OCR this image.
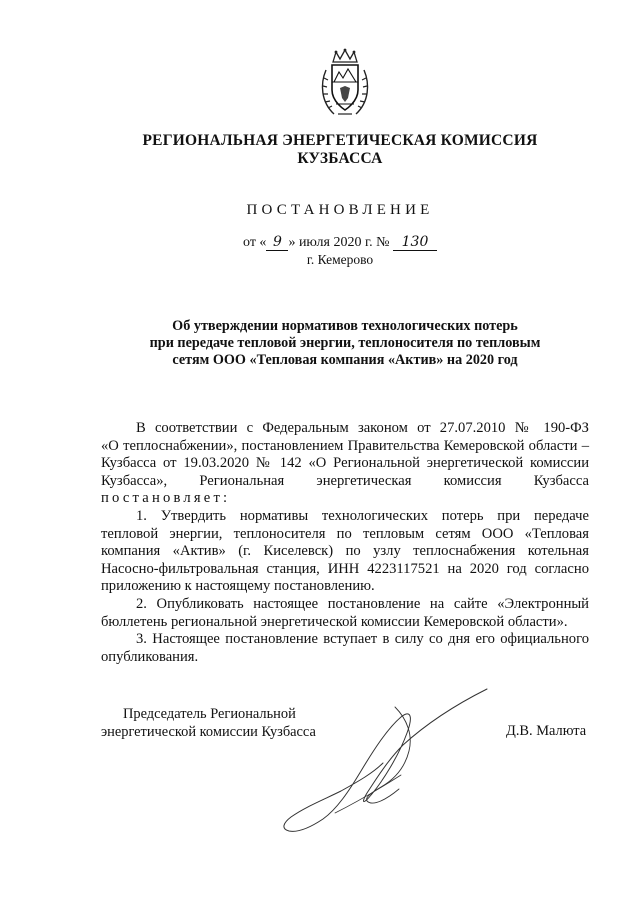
РЕГИОНАЛЬНАЯ ЭНЕРГЕТИЧЕСКАЯ КОМИССИЯ
КУЗБАССА
ПОСТАНОВЛЕНИЕ
от « 9 » июля 2020 г. № 130
г. Кемерово
Об утверждении нормативов технологических потерь
при передаче тепловой энергии, теплоносителя по тепловым
сетям ООО «Тепловая компания «Актив» на 2020 год
В соответствии с Федеральным законом от 27.07.2010 № 190-ФЗ
«О теплоснабжении», постановлением Правительства Кемеровской области –
Кузбасса от 19.03.2020 № 142 «О Региональной энергетической комиссии
Кузбасса», Региональная энергетическая комиссия Кузбасса
постановляет:
1. Утвердить нормативы технологических потерь при передаче
тепловой энергии, теплоносителя по тепловым сетям ООО «Тепловая
компания «Актив» (г. Киселевск) по узлу теплоснабжения котельная
Насосно-фильтровальная станция, ИНН 4223117521 на 2020 год согласно
приложению к настоящему постановлению.
2. Опубликовать настоящее постановление на сайте «Электронный
бюллетень региональной энергетической комиссии Кемеровской области».
3. Настоящее постановление вступает в силу со дня его официального
опубликования.
Председатель Региональной
энергетической комиссии Кузбасса	Д.В. Малюта
